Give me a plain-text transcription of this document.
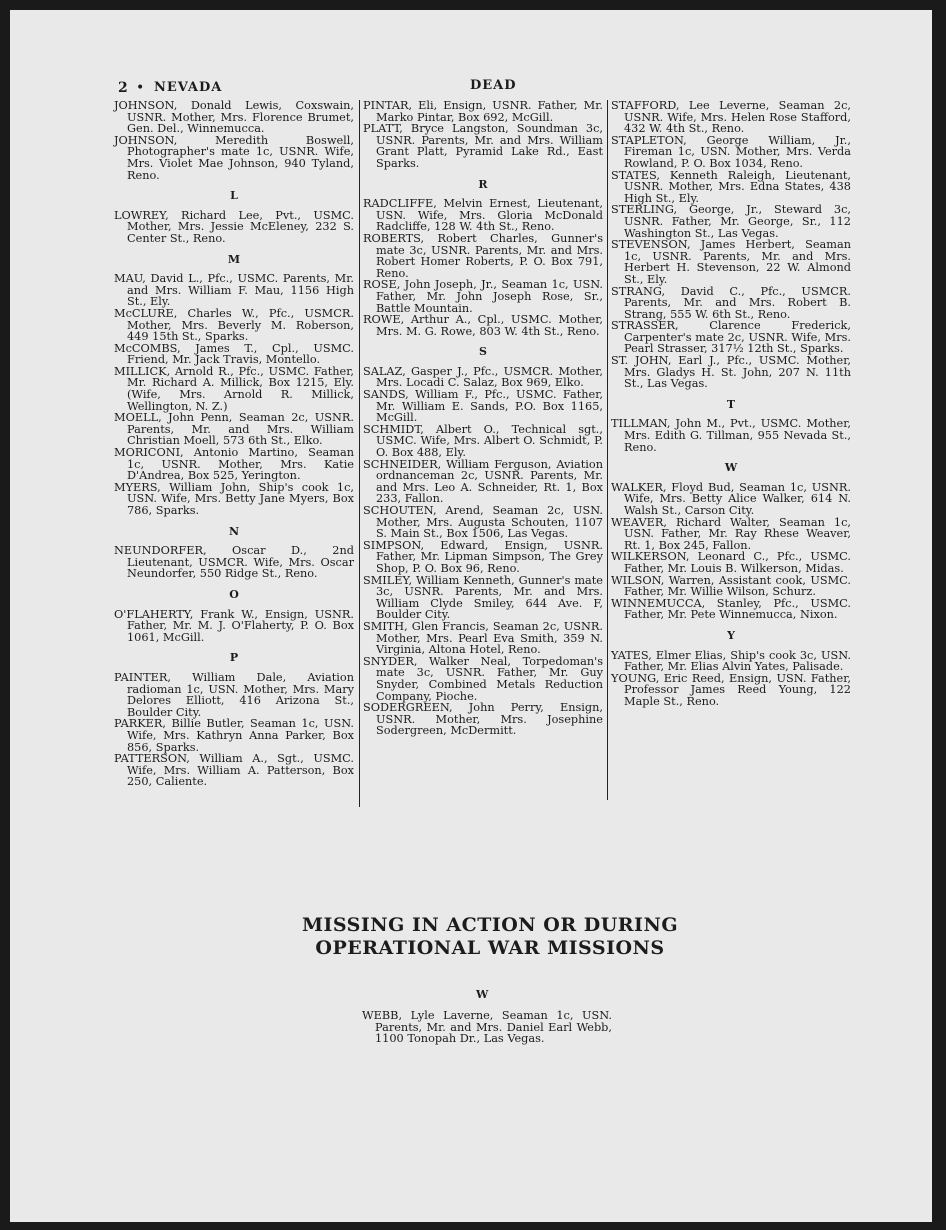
2 • NEVADA	DEAD
JOHNSON, Donald Lewis, Coxswain, USNR. Mother, Mrs. Florence Brumet, Gen. Del., Winnemucca.
JOHNSON, Meredith Boswell, Photographer's mate 1c, USNR. Wife, Mrs. Violet Mae Johnson, 940 Tyland, Reno.
L
LOWREY, Richard Lee, Pvt., USMC. Mother, Mrs. Jessie McEleney, 232 S. Center St., Reno.
M
MAU, David L., Pfc., USMC. Parents, Mr. and Mrs. William F. Mau, 1156 High St., Ely.
McCLURE, Charles W., Pfc., USMCR. Mother, Mrs. Beverly M. Roberson, 449 15th St., Sparks.
McCOMBS, James T., Cpl., USMC. Friend, Mr. Jack Travis, Montello.
MILLICK, Arnold R., Pfc., USMC. Father, Mr. Richard A. Millick, Box 1215, Ely. (Wife, Mrs. Arnold R. Millick, Wellington, N. Z.)
MOELL, John Penn, Seaman 2c, USNR. Parents, Mr. and Mrs. William Christian Moell, 573 6th St., Elko.
MORICONI, Antonio Martino, Seaman 1c, USNR. Mother, Mrs. Katie D'Andrea, Box 525, Yerington.
MYERS, William John, Ship's cook 1c, USN. Wife, Mrs. Betty Jane Myers, Box 786, Sparks.
N
NEUNDORFER, Oscar D., 2nd Lieutenant, USMCR. Wife, Mrs. Oscar Neundorfer, 550 Ridge St., Reno.
O
O'FLAHERTY, Frank W., Ensign, USNR. Father, Mr. M. J. O'Flaherty, P. O. Box 1061, McGill.
P
PAINTER, William Dale, Aviation radioman 1c, USN. Mother, Mrs. Mary Delores Elliott, 416 Arizona St., Boulder City.
PARKER, Billie Butler, Seaman 1c, USN. Wife, Mrs. Kathryn Anna Parker, Box 856, Sparks.
PATTERSON, William A., Sgt., USMC. Wife, Mrs. William A. Patterson, Box 250, Caliente.
PINTAR, Eli, Ensign, USNR. Father, Mr. Marko Pintar, Box 692, McGill.
PLATT, Bryce Langston, Soundman 3c, USNR. Parents, Mr. and Mrs. William Grant Platt, Pyramid Lake Rd., East Sparks.
R
RADCLIFFE, Melvin Ernest, Lieutenant, USN. Wife, Mrs. Gloria McDonald Radcliffe, 128 W. 4th St., Reno.
ROBERTS, Robert Charles, Gunner's mate 3c, USNR. Parents, Mr. and Mrs. Robert Homer Roberts, P. O. Box 791, Reno.
ROSE, John Joseph, Jr., Seaman 1c, USN. Father, Mr. John Joseph Rose, Sr., Battle Mountain.
ROWE, Arthur A., Cpl., USMC. Mother, Mrs. M. G. Rowe, 803 W. 4th St., Reno.
S
SALAZ, Gasper J., Pfc., USMCR. Mother, Mrs. Locadi C. Salaz, Box 969, Elko.
SANDS, William F., Pfc., USMC. Father, Mr. William E. Sands, P.O. Box 1165, McGill.
SCHMIDT, Albert O., Technical sgt., USMC. Wife, Mrs. Albert O. Schmidt, P. O. Box 488, Ely.
SCHNEIDER, William Ferguson, Aviation ordnanceman 2c, USNR. Parents, Mr. and Mrs. Leo A. Schneider, Rt. 1, Box 233, Fallon.
SCHOUTEN, Arend, Seaman 2c, USN. Mother, Mrs. Augusta Schouten, 1107 S. Main St., Box 1506, Las Vegas.
SIMPSON, Edward, Ensign, USNR. Father, Mr. Lipman Simpson, The Grey Shop, P. O. Box 96, Reno.
SMILEY, William Kenneth, Gunner's mate 3c, USNR. Parents, Mr. and Mrs. William Clyde Smiley, 644 Ave. F, Boulder City.
SMITH, Glen Francis, Seaman 2c, USNR. Mother, Mrs. Pearl Eva Smith, 359 N. Virginia, Altona Hotel, Reno.
SNYDER, Walker Neal, Torpedoman's mate 3c, USNR. Father, Mr. Guy Snyder, Combined Metals Reduction Company, Pioche.
SODERGREEN, John Perry, Ensign, USNR. Mother, Mrs. Josephine Sodergreen, McDermitt.
STAFFORD, Lee Leverne, Seaman 2c, USNR. Wife, Mrs. Helen Rose Stafford, 432 W. 4th St., Reno.
STAPLETON, George William, Jr., Fireman 1c, USN. Mother, Mrs. Verda Rowland, P. O. Box 1034, Reno.
STATES, Kenneth Raleigh, Lieutenant, USNR. Mother, Mrs. Edna States, 438 High St., Ely.
STERLING, George, Jr., Steward 3c, USNR. Father, Mr. George, Sr., 112 Washington St., Las Vegas.
STEVENSON, James Herbert, Seaman 1c, USNR. Parents, Mr. and Mrs. Herbert H. Stevenson, 22 W. Almond St., Ely.
STRANG, David C., Pfc., USMCR. Parents, Mr. and Mrs. Robert B. Strang, 555 W. 6th St., Reno.
STRASSER, Clarence Frederick, Carpenter's mate 2c, USNR. Wife, Mrs. Pearl Strasser, 317½ 12th St., Sparks.
ST. JOHN, Earl J., Pfc., USMC. Mother, Mrs. Gladys H. St. John, 207 N. 11th St., Las Vegas.
T
TILLMAN, John M., Pvt., USMC. Mother, Mrs. Edith G. Tillman, 955 Nevada St., Reno.
W
WALKER, Floyd Bud, Seaman 1c, USNR. Wife, Mrs. Betty Alice Walker, 614 N. Walsh St., Carson City.
WEAVER, Richard Walter, Seaman 1c, USN. Father, Mr. Ray Rhese Weaver, Rt. 1, Box 245, Fallon.
WILKERSON, Leonard C., Pfc., USMC. Father, Mr. Louis B. Wilkerson, Midas.
WILSON, Warren, Assistant cook, USMC. Father, Mr. Willie Wilson, Schurz.
WINNEMUCCA, Stanley, Pfc., USMC. Father, Mr. Pete Winnemucca, Nixon.
Y
YATES, Elmer Elias, Ship's cook 3c, USN. Father, Mr. Elias Alvin Yates, Palisade.
YOUNG, Eric Reed, Ensign, USN. Father, Professor James Reed Young, 122 Maple St., Reno.
MISSING IN ACTION OR DURING
OPERATIONAL WAR MISSIONS
W
WEBB, Lyle Laverne, Seaman 1c, USN. Parents, Mr. and Mrs. Daniel Earl Webb, 1100 Tonopah Dr., Las Vegas.
